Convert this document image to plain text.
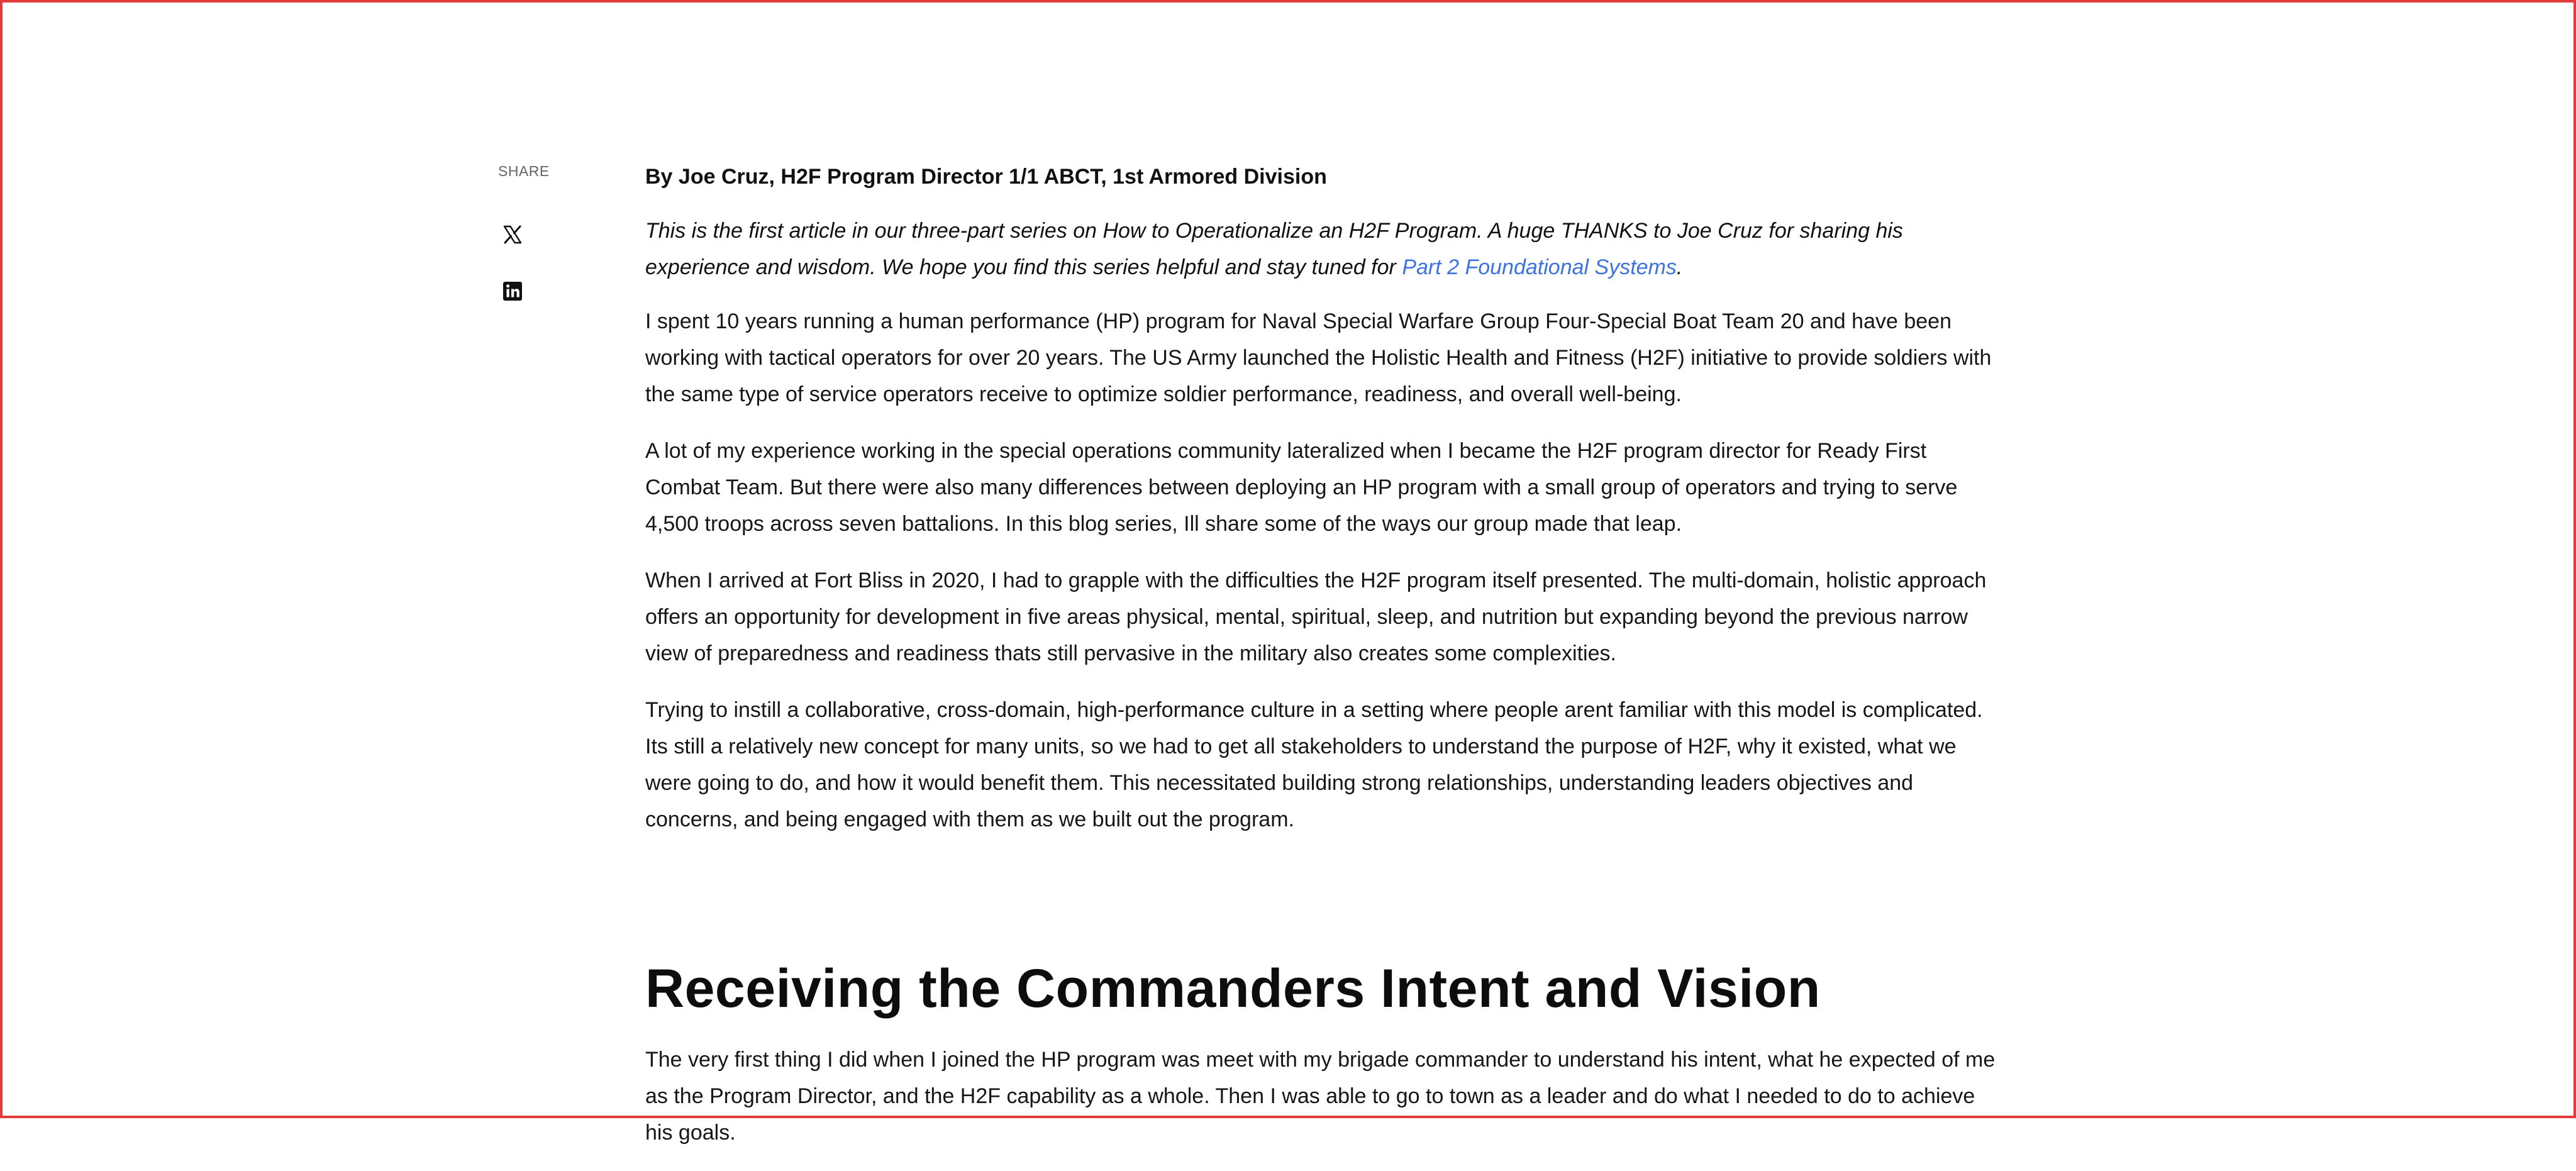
SHARE	By Joe Cruz, H2F Program Director 1/1 ABCT, 1st Armored Division

This is the first article in our three-part series on How to Operationalize an H2F Program. A huge THANKS to Joe Cruz for sharing his experience and wisdom. We hope you find this series helpful and stay tuned for Part 2 Foundational Systems.

I spent 10 years running a human performance (HP) program for Naval Special Warfare Group Four-Special Boat Team 20 and have been working with tactical operators for over 20 years. The US Army launched the Holistic Health and Fitness (H2F) initiative to provide soldiers with the same type of service operators receive to optimize soldier performance, readiness, and overall well-being.

A lot of my experience working in the special operations community lateralized when I became the H2F program director for Ready First Combat Team. But there were also many differences between deploying an HP program with a small group of operators and trying to serve 4,500 troops across seven battalions. In this blog series, Ill share some of the ways our group made that leap.

When I arrived at Fort Bliss in 2020, I had to grapple with the difficulties the H2F program itself presented. The multi-domain, holistic approach offers an opportunity for development in five areas physical, mental, spiritual, sleep, and nutrition but expanding beyond the previous narrow view of preparedness and readiness thats still pervasive in the military also creates some complexities.

Trying to instill a collaborative, cross-domain, high-performance culture in a setting where people arent familiar with this model is complicated. Its still a relatively new concept for many units, so we had to get all stakeholders to understand the purpose of H2F, why it existed, what we were going to do, and how it would benefit them. This necessitated building strong relationships, understanding leaders objectives and concerns, and being engaged with them as we built out the program.

Receiving the Commanders Intent and Vision

The very first thing I did when I joined the HP program was meet with my brigade commander to understand his intent, what he expected of me as the Program Director, and the H2F capability as a whole. Then I was able to go to town as a leader and do what I needed to do to achieve his goals.
